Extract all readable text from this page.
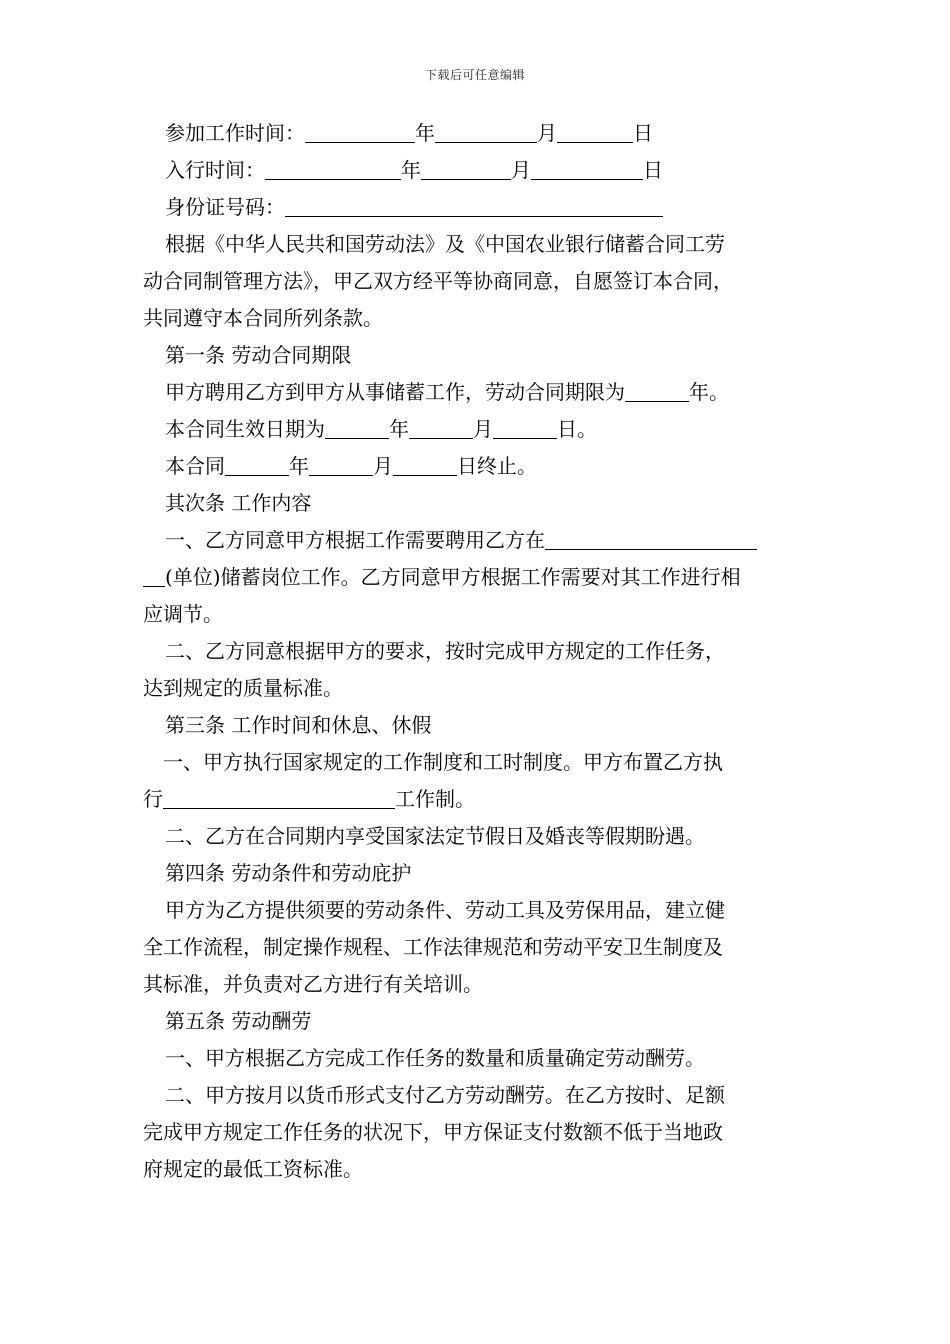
下载后可任意编辑
参加工作时间：	年	月	日
入行时间：	年	月	日
身份证号码：
根据《中华人民共和国劳动法》及《中国农业银行储蓄合同工劳
动合同制管理方法》，甲乙双方经平等协商同意，自愿签订本合同，
共同遵守本合同所列条款。
第一条 劳动合同期限
甲方聘用乙方到甲方从事储蓄工作，劳动合同期限为	年。
本合同生效日期为	年	月	日。
本合同	年	月	日终止。
其次条 工作内容
一、乙方同意甲方根据工作需要聘用乙方在
(单位)储蓄岗位工作。乙方同意甲方根据工作需要对其工作进行相
应调节。
二、乙方同意根据甲方的要求，按时完成甲方规定的工作任务，
达到规定的质量标准。
第三条 工作时间和休息、休假
一、甲方执行国家规定的工作制度和工时制度。甲方布置乙方执
行	工作制。
二、乙方在合同期内享受国家法定节假日及婚丧等假期盼遇。
第四条 劳动条件和劳动庇护
甲方为乙方提供须要的劳动条件、劳动工具及劳保用品，建立健
全工作流程，制定操作规程、工作法律规范和劳动平安卫生制度及
其标准，并负责对乙方进行有关培训。
第五条 劳动酬劳
一、甲方根据乙方完成工作任务的数量和质量确定劳动酬劳。
二、甲方按月以货币形式支付乙方劳动酬劳。在乙方按时、足额
完成甲方规定工作任务的状况下，甲方保证支付数额不低于当地政
府规定的最低工资标准。
